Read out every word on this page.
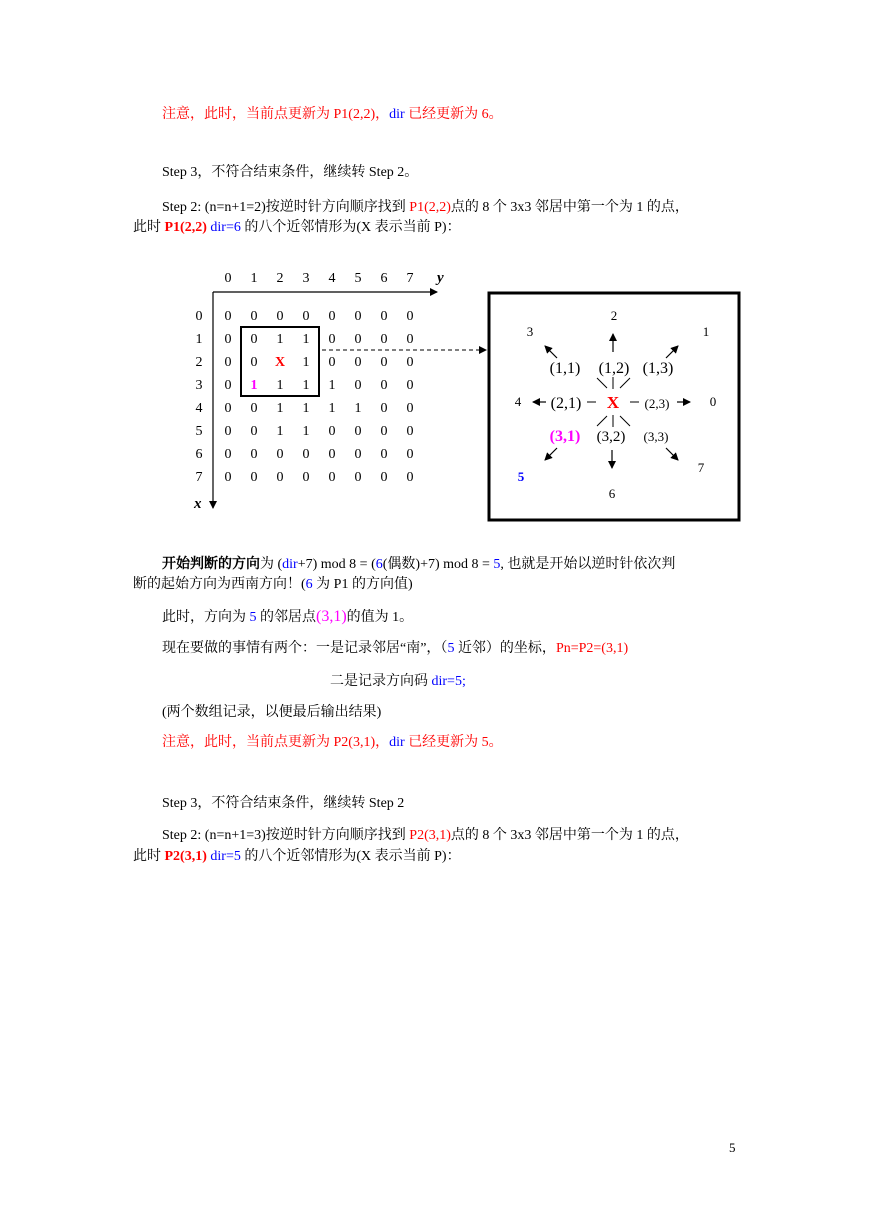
注意，此时，当前点更新为 P1(2,2)，dir 已经更新为 6。
Step 3，不符合结束条件，继续转 Step 2。
Step 2: (n=n+1=2)按逆时针方向顺序找到 P1(2,2)点的 8 个 3x3 邻居中第一个为 1 的点，
此时 P1(2,2) dir=6 的八个近邻情形为(X 表示当前 P)：
y
x
0 1 2 3 4 5 6 7
0
1
2
3
4
5
6
7
0 0 0 0 0 0 0 0
0 0 1 1 0 0 0 0
0 0 X 1 0 0 0 0
0 1 1 1 1 0 0 0
0 0 1 1 1 1 0 0
0 0 1 1 0 0 0 0
0 0 0 0 0 0 0 0
0 0 0 0 0 0 0 0
2
3	1
4	0
5
6
7
(1,1) (1,2) (1,3)
(2,1) X (2,3)
(3,1) (3,2) (3,3)
开始判断的方向为 (dir+7) mod 8 = (6(偶数)+7) mod 8 = 5, 也就是开始以逆时针依次判
断的起始方向为西南方向！(6 为 P1 的方向值)
此时，方向为 5 的邻居点(3,1)的值为 1。
现在要做的事情有两个：一是记录邻居“南”，（5 近邻）的坐标，Pn=P2=(3,1)
二是记录方向码 dir=5;
(两个数组记录，以便最后输出结果)
注意，此时，当前点更新为 P2(3,1)，dir 已经更新为 5。
Step 3，不符合结束条件，继续转 Step 2
Step 2: (n=n+1=3)按逆时针方向顺序找到 P2(3,1)点的 8 个 3x3 邻居中第一个为 1 的点，
此时 P2(3,1) dir=5 的八个近邻情形为(X 表示当前 P)：
5
